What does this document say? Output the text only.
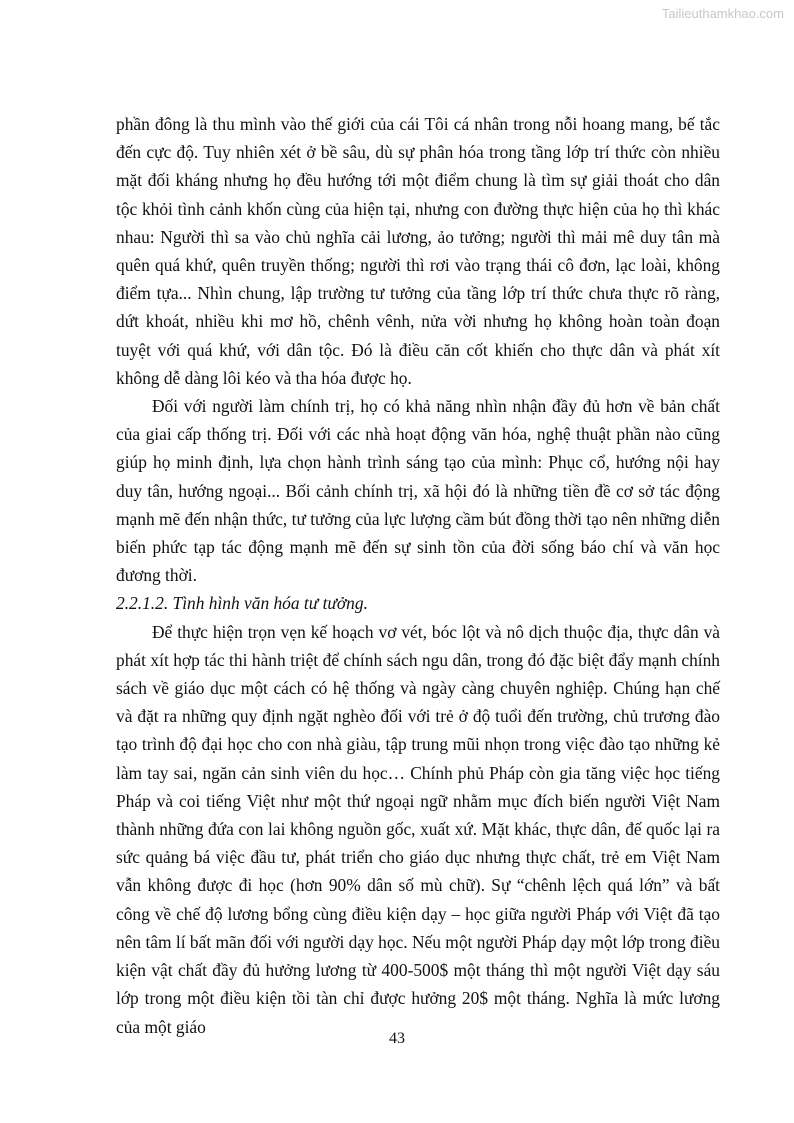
Tailieuthamkhao.com

phần đông là thu mình vào thế giới của cái Tôi cá nhân trong nỗi hoang mang, bế tắc đến cực độ. Tuy nhiên xét ở bề sâu, dù sự phân hóa trong tầng lớp trí thức còn nhiều mặt đối kháng nhưng họ đều hướng tới một điểm chung là tìm sự giải thoát cho dân tộc khỏi tình cảnh khốn cùng của hiện tại, nhưng con đường thực hiện của họ thì khác nhau: Người thì sa vào chủ nghĩa cải lương, ảo tưởng; người thì mải mê duy tân mà quên quá khứ, quên truyền thống; người thì rơi vào trạng thái cô đơn, lạc loài, không điểm tựa... Nhìn chung, lập trường tư tưởng của tầng lớp trí thức chưa thực rõ ràng, dứt khoát, nhiều khi mơ hồ, chênh vênh, nửa vời nhưng họ không hoàn toàn đoạn tuyệt với quá khứ, với dân tộc. Đó là điều căn cốt khiến cho thực dân và phát xít không dễ dàng lôi kéo và tha hóa được họ.

Đối với người làm chính trị, họ có khả năng nhìn nhận đầy đủ hơn về bản chất của giai cấp thống trị. Đối với các nhà hoạt động văn hóa, nghệ thuật phần nào cũng giúp họ minh định, lựa chọn hành trình sáng tạo của mình: Phục cổ, hướng nội hay duy tân, hướng ngoại... Bối cảnh chính trị, xã hội đó là những tiền đề cơ sở tác động mạnh mẽ đến nhận thức, tư tưởng của lực lượng cầm bút đồng thời tạo nên những diễn biến phức tạp tác động mạnh mẽ đến sự sinh tồn của đời sống báo chí và văn học đương thời.

2.2.1.2. Tình hình văn hóa tư tưởng.

Để thực hiện trọn vẹn kế hoạch vơ vét, bóc lột và nô dịch thuộc địa, thực dân và phát xít hợp tác thi hành triệt để chính sách ngu dân, trong đó đặc biệt đẩy mạnh chính sách về giáo dục một cách có hệ thống và ngày càng chuyên nghiệp. Chúng hạn chế và đặt ra những quy định ngặt nghèo đối với trẻ ở độ tuổi đến trường, chủ trương đào tạo trình độ đại học cho con nhà giàu, tập trung mũi nhọn trong việc đào tạo những kẻ làm tay sai, ngăn cản sinh viên du học… Chính phủ Pháp còn gia tăng việc học tiếng Pháp và coi tiếng Việt như một thứ ngoại ngữ nhằm mục đích biến người Việt Nam thành những đứa con lai không nguồn gốc, xuất xứ. Mặt khác, thực dân, đế quốc lại ra sức quảng bá việc đầu tư, phát triển cho giáo dục nhưng thực chất, trẻ em Việt Nam vẫn không được đi học (hơn 90% dân số mù chữ). Sự “chênh lệch quá lớn” và bất công về chế độ lương bổng cùng điều kiện dạy – học giữa người Pháp với Việt đã tạo nên tâm lí bất mãn đối với người dạy học. Nếu một người Pháp dạy một lớp trong điều kiện vật chất đầy đủ hưởng lương từ 400-500$ một tháng thì một người Việt dạy sáu lớp trong một điều kiện tồi tàn chỉ được hưởng 20$ một tháng. Nghĩa là mức lương của một giáo

43
